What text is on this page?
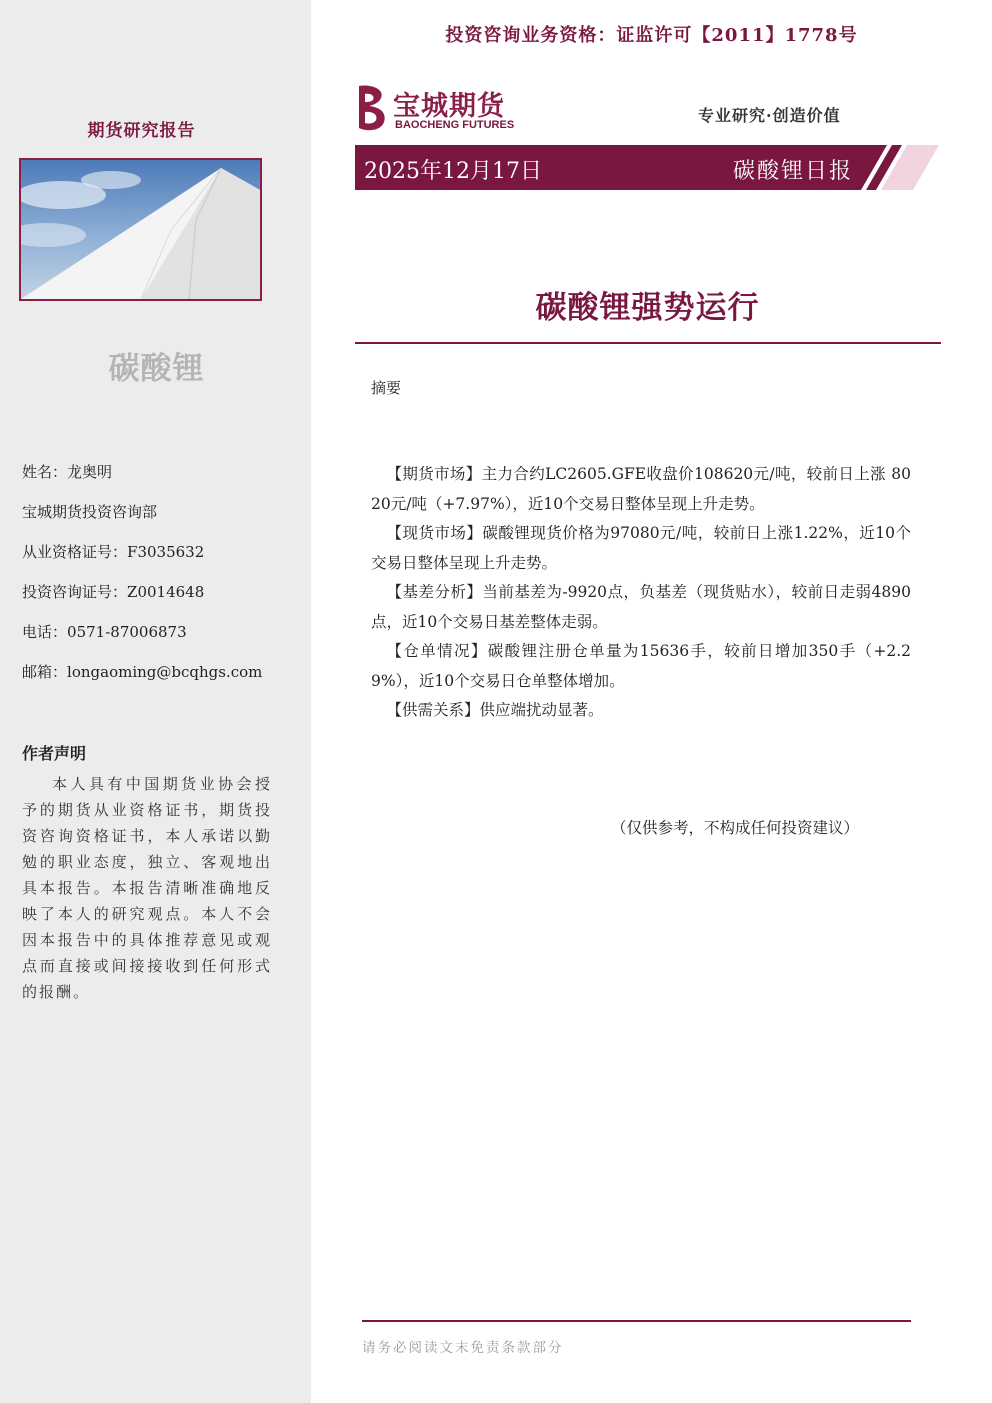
期货研究报告
碳酸锂
姓名：龙奥明
宝城期货投资咨询部
从业资格证号：F3035632
投资咨询证号：Z0014648
电话：0571-87006873
邮箱：longaoming@bcqhgs.com
作者声明
本人具有中国期货业协会授予的期货从业资格证书，期货投资咨询资格证书，本人承诺以勤勉的职业态度，独立、客观地出具本报告。本报告清晰准确地反映了本人的研究观点。本人不会因本报告中的具体推荐意见或观点而直接或间接接收到任何形式的报酬。
投资咨询业务资格：证监许可【2011】1778号
宝城期货
BAOCHENG FUTURES	专业研究·创造价值
2025年12月17日	碳酸锂日报
碳酸锂强势运行
摘要

【期货市场】主力合约LC2605.GFE收盘价108620元/吨，较前日上涨 8020元/吨（+7.97%），近10个交易日整体呈现上升走势。

【现货市场】碳酸锂现货价格为97080元/吨，较前日上涨1.22%，近10个交易日整体呈现上升走势。

【基差分析】当前基差为-9920点，负基差（现货贴水），较前日走弱4890点，近10个交易日基差整体走弱。

【仓单情况】碳酸锂注册仓单量为15636手，较前日增加350手（+2.29%），近10个交易日仓单整体增加。

【供需关系】供应端扰动显著。

（仅供参考，不构成任何投资建议）
请务必阅读文末免责条款部分
